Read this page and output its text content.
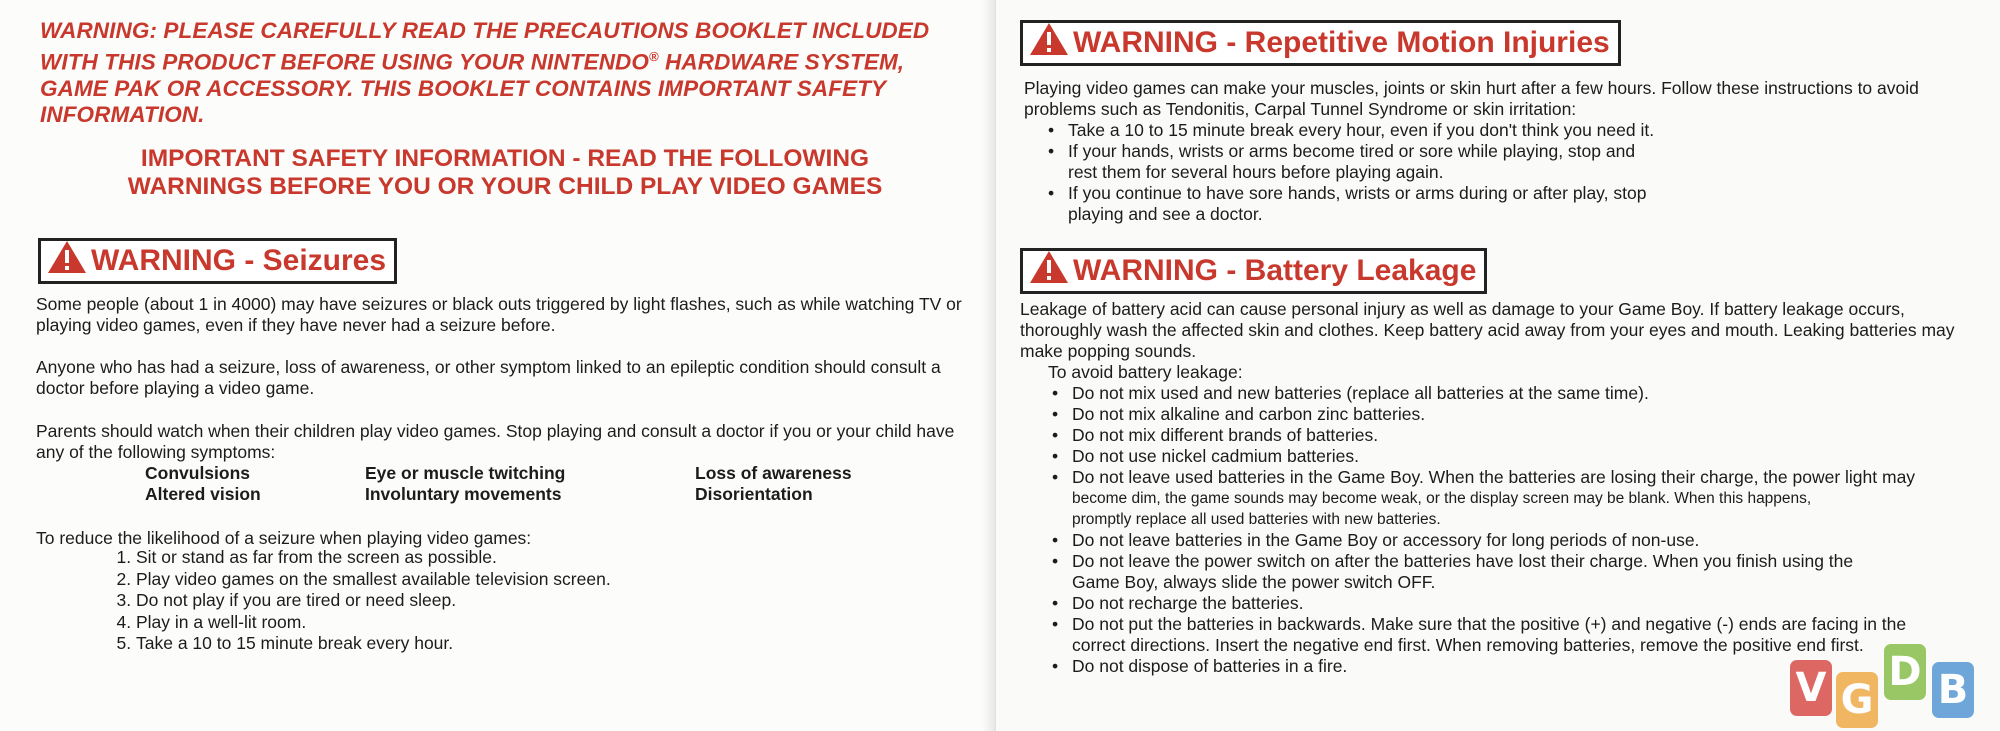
WARNING: PLEASE CAREFULLY READ THE PRECAUTIONS BOOKLET INCLUDED
WITH THIS PRODUCT BEFORE USING YOUR NINTENDO® HARDWARE SYSTEM,
GAME PAK OR ACCESSORY. THIS BOOKLET CONTAINS IMPORTANT SAFETY
INFORMATION.
IMPORTANT SAFETY INFORMATION - READ THE FOLLOWING
WARNINGS BEFORE YOU OR YOUR CHILD PLAY VIDEO GAMES
WARNING - Seizures
Some people (about 1 in 4000) may have seizures or black outs triggered by light flashes, such as while watching TV or
playing video games, even if they have never had a seizure before.
Anyone who has had a seizure, loss of awareness, or other symptom linked to an epileptic condition should consult a
doctor before playing a video game.
Parents should watch when their children play video games. Stop playing and consult a doctor if you or your child have
any of the following symptoms:
Convulsions	Eye or muscle twitching	Loss of awareness
Altered vision	Involuntary movements	Disorientation
To reduce the likelihood of a seizure when playing video games:
1. Sit or stand as far from the screen as possible.
2. Play video games on the smallest available television screen.
3. Do not play if you are tired or need sleep.
4. Play in a well-lit room.
5. Take a 10 to 15 minute break every hour.
WARNING - Repetitive Motion Injuries
Playing video games can make your muscles, joints or skin hurt after a few hours. Follow these instructions to avoid
problems such as Tendonitis, Carpal Tunnel Syndrome or skin irritation:
• Take a 10 to 15 minute break every hour, even if you don't think you need it.
• If your hands, wrists or arms become tired or sore while playing, stop and
rest them for several hours before playing again.
• If you continue to have sore hands, wrists or arms during or after play, stop
playing and see a doctor.
WARNING - Battery Leakage
Leakage of battery acid can cause personal injury as well as damage to your Game Boy. If battery leakage occurs,
thoroughly wash the affected skin and clothes. Keep battery acid away from your eyes and mouth. Leaking batteries may
make popping sounds.
To avoid battery leakage:
• Do not mix used and new batteries (replace all batteries at the same time).
• Do not mix alkaline and carbon zinc batteries.
• Do not mix different brands of batteries.
• Do not use nickel cadmium batteries.
• Do not leave used batteries in the Game Boy. When the batteries are losing their charge, the power light may
become dim, the game sounds may become weak, or the display screen may be blank. When this happens,
promptly replace all used batteries with new batteries.
• Do not leave batteries in the Game Boy or accessory for long periods of non-use.
• Do not leave the power switch on after the batteries have lost their charge. When you finish using the
Game Boy, always slide the power switch OFF.
• Do not recharge the batteries.
• Do not put the batteries in backwards. Make sure that the positive (+) and negative (-) ends are facing in the
correct directions. Insert the negative end first. When removing batteries, remove the positive end first.
• Do not dispose of batteries in a fire.	V G
D B
